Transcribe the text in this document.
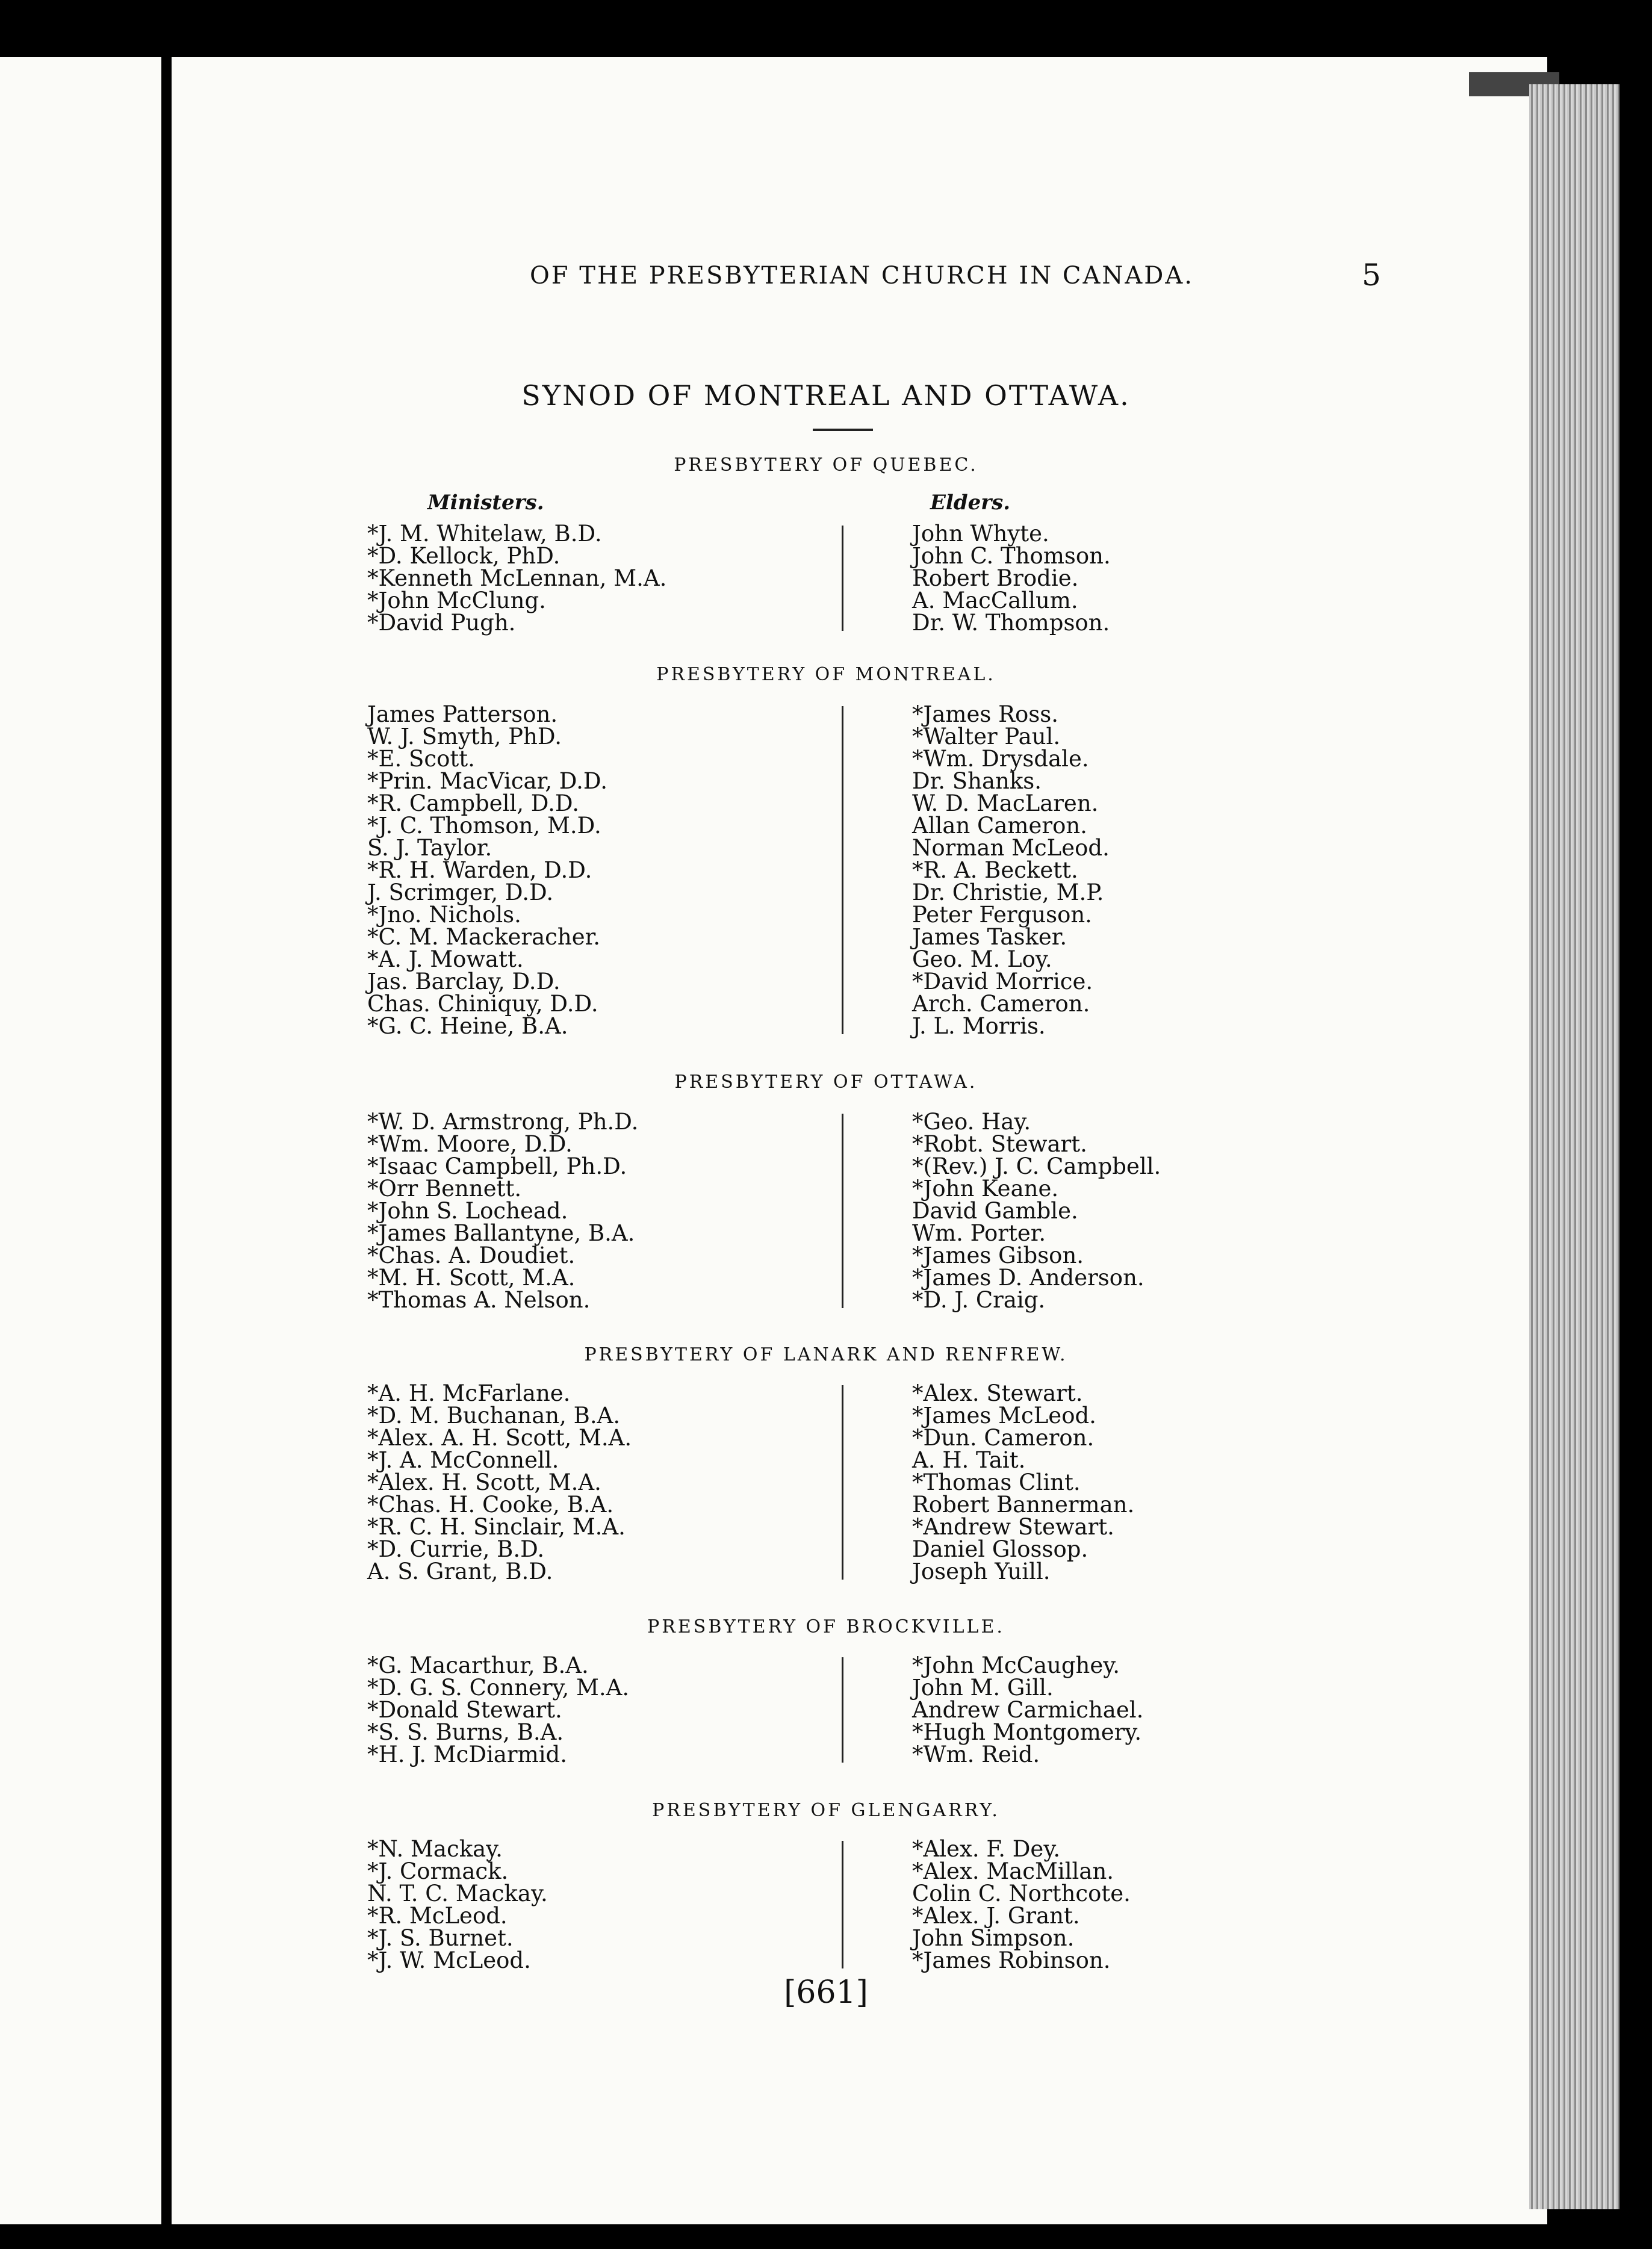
OF THE PRESBYTERIAN CHURCH IN CANADA.	5
SYNOD OF MONTREAL AND OTTAWA.
Ministers.	Elders.
PRESBYTERY OF QUEBEC.
*J. M. Whitelaw, B.D.
*D. Kellock, PhD.
*Kenneth McLennan, M.A.
*John McClung.
*David Pugh.
John Whyte.
John C. Thomson.
Robert Brodie.
A. MacCallum.
Dr. W. Thompson.
PRESBYTERY OF MONTREAL.
James Patterson.
W. J. Smyth, PhD.
*E. Scott.
*Prin. MacVicar, D.D.
*R. Campbell, D.D.
*J. C. Thomson, M.D.
S. J. Taylor.
*R. H. Warden, D.D.
J. Scrimger, D.D.
*Jno. Nichols.
*C. M. Mackeracher.
*A. J. Mowatt.
Jas. Barclay, D.D.
Chas. Chiniquy, D.D.
*G. C. Heine, B.A.
*James Ross.
*Walter Paul.
*Wm. Drysdale.
Dr. Shanks.
W. D. MacLaren.
Allan Cameron.
Norman McLeod.
*R. A. Beckett.
Dr. Christie, M.P.
Peter Ferguson.
James Tasker.
Geo. M. Loy.
*David Morrice.
Arch. Cameron.
J. L. Morris.
PRESBYTERY OF OTTAWA.
*W. D. Armstrong, Ph.D.
*Wm. Moore, D.D.
*Isaac Campbell, Ph.D.
*Orr Bennett.
*John S. Lochead.
*James Ballantyne, B.A.
*Chas. A. Doudiet.
*M. H. Scott, M.A.
*Thomas A. Nelson.
*Geo. Hay.
*Robt. Stewart.
*(Rev.) J. C. Campbell.
*John Keane.
David Gamble.
Wm. Porter.
*James Gibson.
*James D. Anderson.
*D. J. Craig.
PRESBYTERY OF LANARK AND RENFREW.
*A. H. McFarlane.
*D. M. Buchanan, B.A.
*Alex. A. H. Scott, M.A.
*J. A. McConnell.
*Alex. H. Scott, M.A.
*Chas. H. Cooke, B.A.
*R. C. H. Sinclair, M.A.
*D. Currie, B.D.
A. S. Grant, B.D.
*Alex. Stewart.
*James McLeod.
*Dun. Cameron.
A. H. Tait.
*Thomas Clint.
Robert Bannerman.
*Andrew Stewart.
Daniel Glossop.
Joseph Yuill.
PRESBYTERY OF BROCKVILLE.
*G. Macarthur, B.A.
*D. G. S. Connery, M.A.
*Donald Stewart.
*S. S. Burns, B.A.
*H. J. McDiarmid.
*John McCaughey.
John M. Gill.
Andrew Carmichael.
*Hugh Montgomery.
*Wm. Reid.
PRESBYTERY OF GLENGARRY.
*N. Mackay.
*J. Cormack.
N. T. C. Mackay.
*R. McLeod.
*J. S. Burnet.
*J. W. McLeod.
*Alex. F. Dey.
*Alex. MacMillan.
Colin C. Northcote.
*Alex. J. Grant.
John Simpson.
*James Robinson.
[661]
